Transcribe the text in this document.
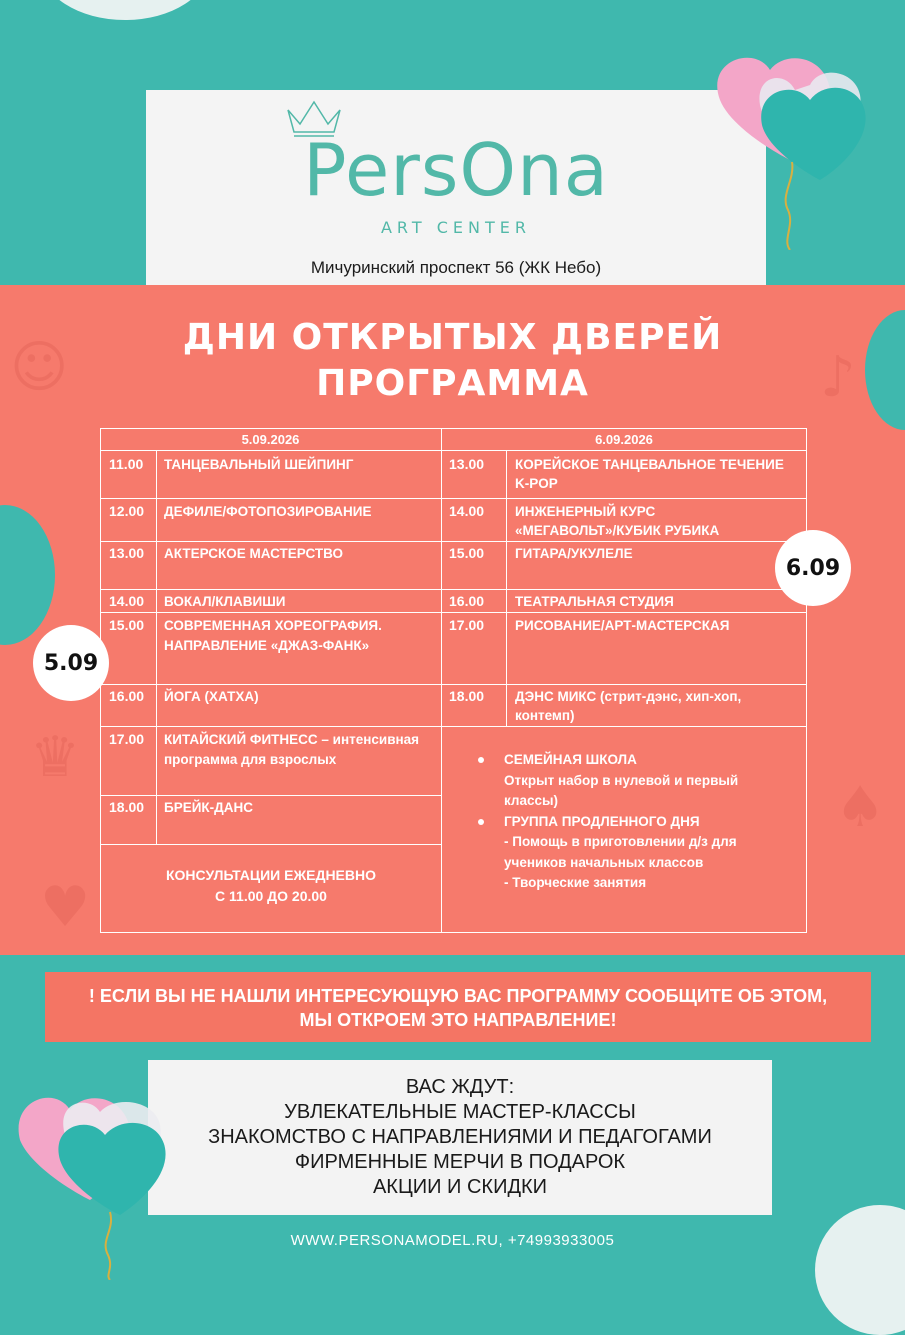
PersOna
ART CENTER
Мичуринский проспект 56 (ЖК Небо)
☺
♛
♪
♠
♥
ДНИ ОТКРЫТЫХ ДВЕРЕЙ
ПРОГРАММА
5.09.2026	6.09.2026
11.00 ТАНЦЕВАЛЬНЫЙ ШЕЙПИНГ
12.00 ДЕФИЛЕ/ФОТОПОЗИРОВАНИЕ
13.00 АКТЕРСКОЕ МАСТЕРСТВО
14.00 ВОКАЛ/КЛАВИШИ
15.00 СОВРЕМЕННАЯ ХОРЕОГРАФИЯ.
НАПРАВЛЕНИЕ «ДЖАЗ-ФАНК»
16.00 ЙОГА (ХАТХА)
17.00 КИТАЙСКИЙ ФИТНЕСС – интенсивная
программа для взрослых
18.00 БРЕЙК-ДАНС
13.00 КОРЕЙСКОЕ ТАНЦЕВАЛЬНОЕ ТЕЧЕНИЕ
K-POP
14.00 ИНЖЕНЕРНЫЙ КУРС
«МЕГАВОЛЬТ»/КУБИК РУБИКА
15.00 ГИТАРА/УКУЛЕЛЕ
16.00 ТЕАТРАЛЬНАЯ СТУДИЯ
17.00 РИСОВАНИЕ/АРТ-МАСТЕРСКАЯ
18.00 ДЭНС МИКС (стрит-дэнс, хип-хоп,
контемп)
КОНСУЛЬТАЦИИ ЕЖЕДНЕВНО
С 11.00 ДО 20.00
СЕМЕЙНАЯ ШКОЛА
Открыт набор в нулевой и первый
классы)
ГРУППА ПРОДЛЕННОГО ДНЯ
- Помощь в приготовлении д/з для
учеников начальных классов
- Творческие занятия
5.09
6.09
! ЕСЛИ ВЫ НЕ НАШЛИ ИНТЕРЕСУЮЩУЮ ВАС ПРОГРАММУ СООБЩИТЕ ОБ ЭТОМ,
МЫ ОТКРОЕМ ЭТО НАПРАВЛЕНИЕ!
ВАС ЖДУТ:
УВЛЕКАТЕЛЬНЫЕ МАСТЕР-КЛАССЫ
ЗНАКОМСТВО С НАПРАВЛЕНИЯМИ И ПЕДАГОГАМИ
ФИРМЕННЫЕ МЕРЧИ В ПОДАРОК
АКЦИИ И СКИДКИ
WWW.PERSONAMODEL.RU, +74993933005
